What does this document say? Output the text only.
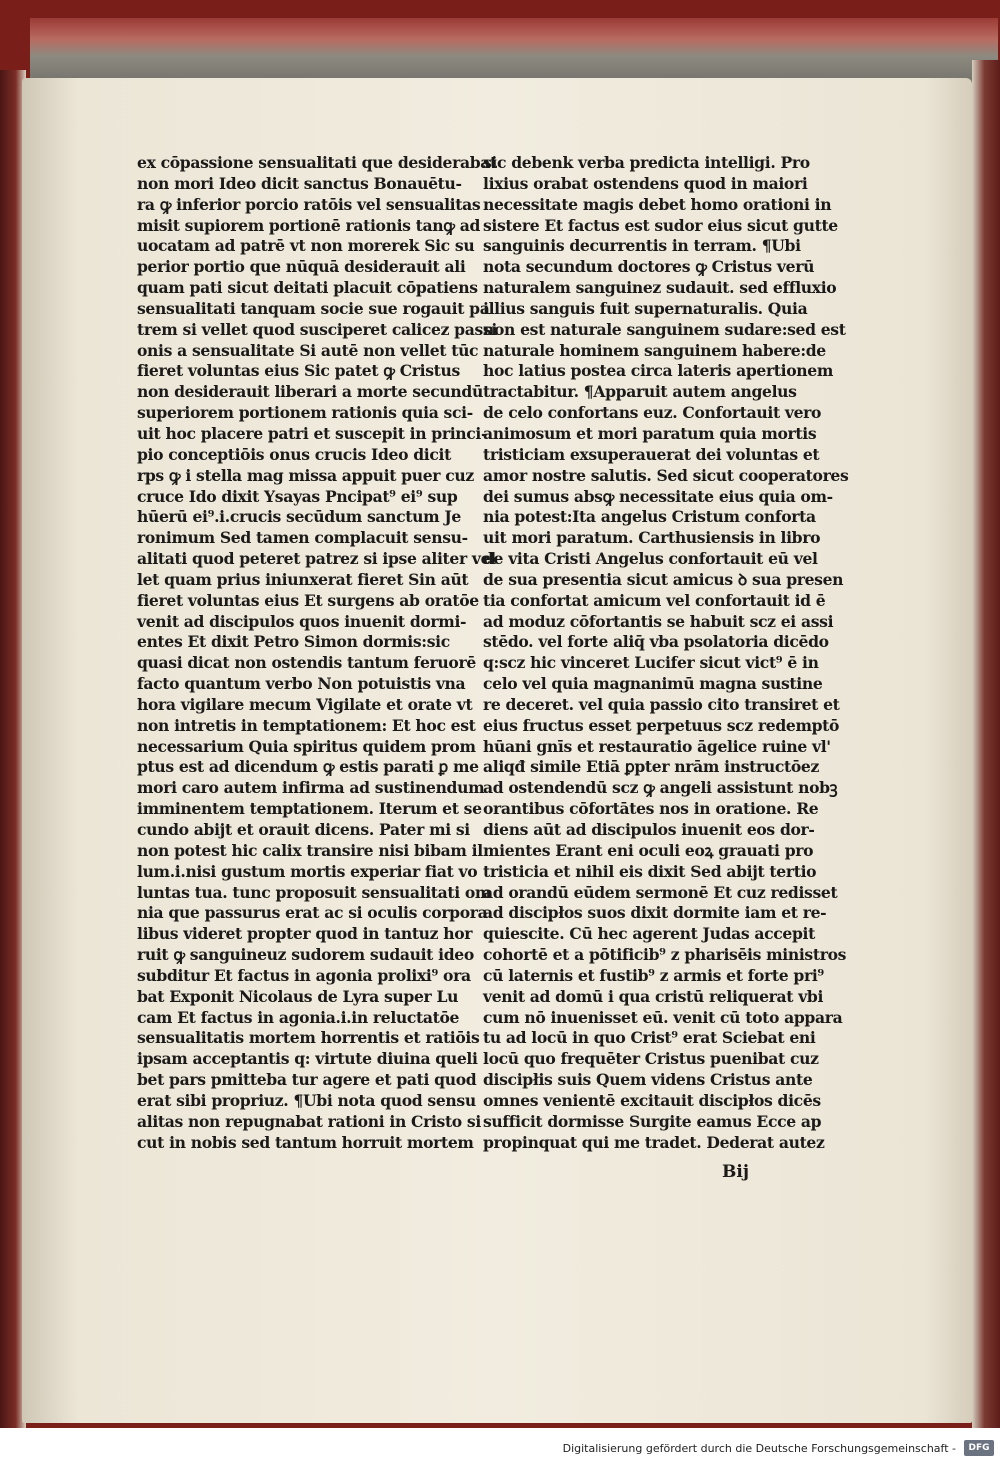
ex cōpassione sensualitati que desiderabat
non mori Ideo dicit sanctus Bonauētu-
ra ꝙ inferior porcio ratōis vel sensualitas
misit supiorem portionē rationis tanꝙ ad
uocatam ad patrē vt non morerek Sic su
perior portio que nūquā desiderauit ali
quam pati sicut deitati placuit cōpatiens
sensualitati tanquam socie sue rogauit pa
trem si vellet quod susciperet calicez passi
onis a sensualitate Si autē non vellet tūc
fieret voluntas eius Sic patet ꝙ Cristus
non desiderauit liberari a morte secundū
superiorem portionem rationis quia sci-
uit hoc placere patri et suscepit in princi-
pio conceptiōis onus crucis Ideo dicit
rps ꝙ i stella mag missa appuit puer cuz
cruce Ido dixit Ysayas Pncipat⁹ ei⁹ sup
hūerū ei⁹.i.crucis secūdum sanctum Je
ronimum Sed tamen complacuit sensu-
alitati quod peteret patrez si ipse aliter vel
let quam prius iniunxerat fieret Sin aūt
fieret voluntas eius Et surgens ab oratōe
venit ad discipulos quos inuenit dormi-
entes Et dixit Petro Simon dormis:sic
quasi dicat non ostendis tantum feruorē
facto quantum verbo Non potuistis vna
hora vigilare mecum Vigilate et orate vt
non intretis in temptationem: Et hoc est
necessarium Quia spiritus quidem prom
ptus est ad dicendum ꝙ estis parati ꝑ me
mori caro autem infirma ad sustinendum
imminentem temptationem. Iterum et se
cundo abijt et orauit dicens. Pater mi si
non potest hic calix transire nisi bibam il
lum.i.nisi gustum mortis experiar fiat vo
luntas tua. tunc proposuit sensualitati om
nia que passurus erat ac si oculis corpora
libus videret propter quod in tantuz hor
ruit ꝙ sanguineuz sudorem sudauit ideo
subditur Et factus in agonia prolixi⁹ ora
bat Exponit Nicolaus de Lyra super Lu
cam Et factus in agonia.i.in reluctatōe
sensualitatis mortem horrentis et ratiōis
ipsam acceptantis q: virtute diuina queli
bet pars pmitteba tur agere et pati quod
erat sibi propriuz. ¶Ubi nota quod sensu
alitas non repugnabat rationi in Cristo si
cut in nobis sed tantum horruit mortem
sic debenk verba predicta intelligi. Pro
lixius orabat ostendens quod in maiori
necessitate magis debet homo orationi in
sistere Et factus est sudor eius sicut gutte
sanguinis decurrentis in terram. ¶Ubi
nota secundum doctores ꝙ Cristus verū
naturalem sanguinez sudauit. sed effluxio
illius sanguis fuit supernaturalis. Quia
non est naturale sanguinem sudare:sed est
naturale hominem sanguinem habere:de
hoc latius postea circa lateris apertionem
tractabitur. ¶Apparuit autem angelus
de celo confortans euz. Confortauit vero
animosum et mori paratum quia mortis
tristiciam exsuperauerat dei voluntas et
amor nostre salutis. Sed sicut cooperatores
dei sumus absꝙ necessitate eius quia om-
nia potest:Ita angelus Cristum conforta
uit mori paratum. Carthusiensis in libro
de vita Cristi Angelus confortauit eū vel
de sua presentia sicut amicus ꝺ sua presen
tia confortat amicum vel confortauit id ē
ad moduz cōfortantis se habuit scz ei assi
stēdo. vel forte aliq̄ vba psolatoria dicēdo
q:scz hic vinceret Lucifer sicut vict⁹ ē in
celo vel quia magnanimū magna sustine
re deceret. vel quia passio cito transiret et
eius fructus esset perpetuus scz redemptō
hūani gnīs et restauratio āgelice ruine vl'
aliqđ simile Etiā ꝑpter nrām instructōez
ad ostendendū scz ꝙ angeli assistunt nobꝫ
orantibus cōfortātes nos in oratione. Re
diens aūt ad discipulos inuenit eos dor-
mientes Erant eni oculi eoꝝ grauati pro
tristicia et nihil eis dixit Sed abijt tertio
ad orandū eūdem sermonē Et cuz redisset
ad discipłos suos dixit dormite iam et re-
quiescite. Cū hec agerent Judas accepit
cohortē et a pōtificib⁹ z pharisēis ministros
cū laternis et fustib⁹ z armis et forte pri⁹
venit ad domū i qua cristū reliquerat vbi
cum nō inuenisset eū. venit cū toto appara
tu ad locū in quo Crist⁹ erat Sciebat eni
locū quo frequēter Cristus puenibat cuz
discipłis suis Quem videns Cristus ante
omnes venientē excitauit discipłos dicēs
sufficit dormisse Surgite eamus Ecce ap
propinquat qui me tradet. Dederat autez
Bij
Digitalisierung gefördert durch die Deutsche Forschungsgemeinschaft -	DFG
